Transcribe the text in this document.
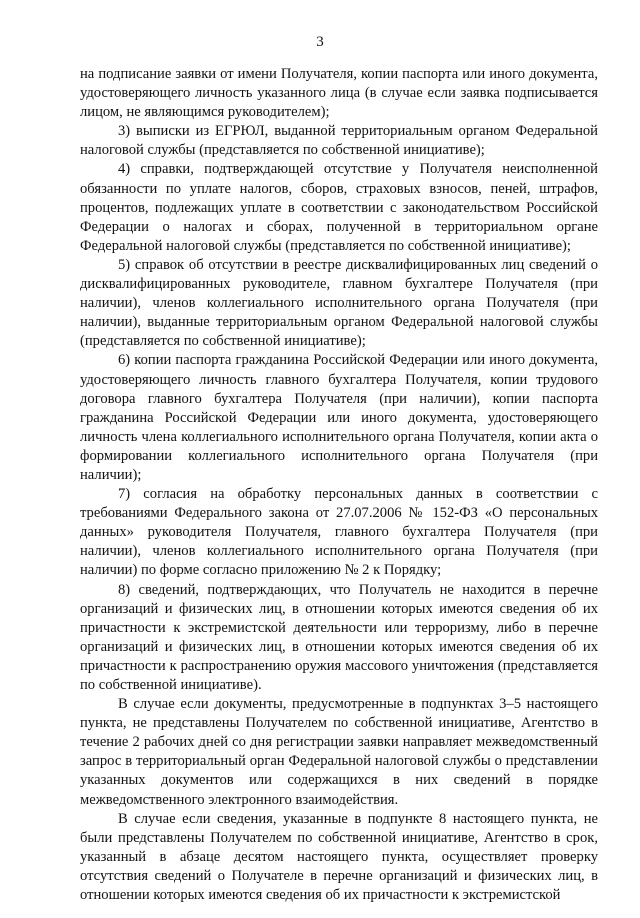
3

на подписание заявки от имени Получателя, копии паспорта или иного документа, удостоверяющего личность указанного лица (в случае если заявка подписывается лицом, не являющимся руководителем);

3) выписки из ЕГРЮЛ, выданной территориальным органом Федеральной налоговой службы (представляется по собственной инициативе);

4) справки, подтверждающей отсутствие у Получателя неисполненной обязанности по уплате налогов, сборов, страховых взносов, пеней, штрафов, процентов, подлежащих уплате в соответствии с законодательством Российской Федерации о налогах и сборах, полученной в территориальном органе Федеральной налоговой службы (представляется по собственной инициативе);

5) справок об отсутствии в реестре дисквалифицированных лиц сведений о дисквалифицированных руководителе, главном бухгалтере Получателя (при наличии), членов коллегиального исполнительного органа Получателя (при наличии), выданные территориальным органом Федеральной налоговой службы (представляется по собственной инициативе);

6) копии паспорта гражданина Российской Федерации или иного документа, удостоверяющего личность главного бухгалтера Получателя, копии трудового договора главного бухгалтера Получателя (при наличии), копии паспорта гражданина Российской Федерации или иного документа, удостоверяющего личность члена коллегиального исполнительного органа Получателя, копии акта о формировании коллегиального исполнительного органа Получателя (при наличии);

7) согласия на обработку персональных данных в соответствии с требованиями Федерального закона от 27.07.2006 № 152-ФЗ «О персональных данных» руководителя Получателя, главного бухгалтера Получателя (при наличии), членов коллегиального исполнительного органа Получателя (при наличии) по форме согласно приложению № 2 к Порядку;

8) сведений, подтверждающих, что Получатель не находится в перечне организаций и физических лиц, в отношении которых имеются сведения об их причастности к экстремистской деятельности или терроризму, либо в перечне организаций и физических лиц, в отношении которых имеются сведения об их причастности к распространению оружия массового уничтожения (представляется по собственной инициативе).

В случае если документы, предусмотренные в подпунктах 3–5 настоящего пункта, не представлены Получателем по собственной инициативе, Агентство в течение 2 рабочих дней со дня регистрации заявки направляет межведомственный запрос в территориальный орган Федеральной налоговой службы о представлении указанных документов или содержащихся в них сведений в порядке межведомственного электронного взаимодействия.

В случае если сведения, указанные в подпункте 8 настоящего пункта, не были представлены Получателем по собственной инициативе, Агентство в срок, указанный в абзаце десятом настоящего пункта, осуществляет проверку отсутствия сведений о Получателе в перечне организаций и физических лиц, в отношении которых имеются сведения об их причастности к экстремистской
